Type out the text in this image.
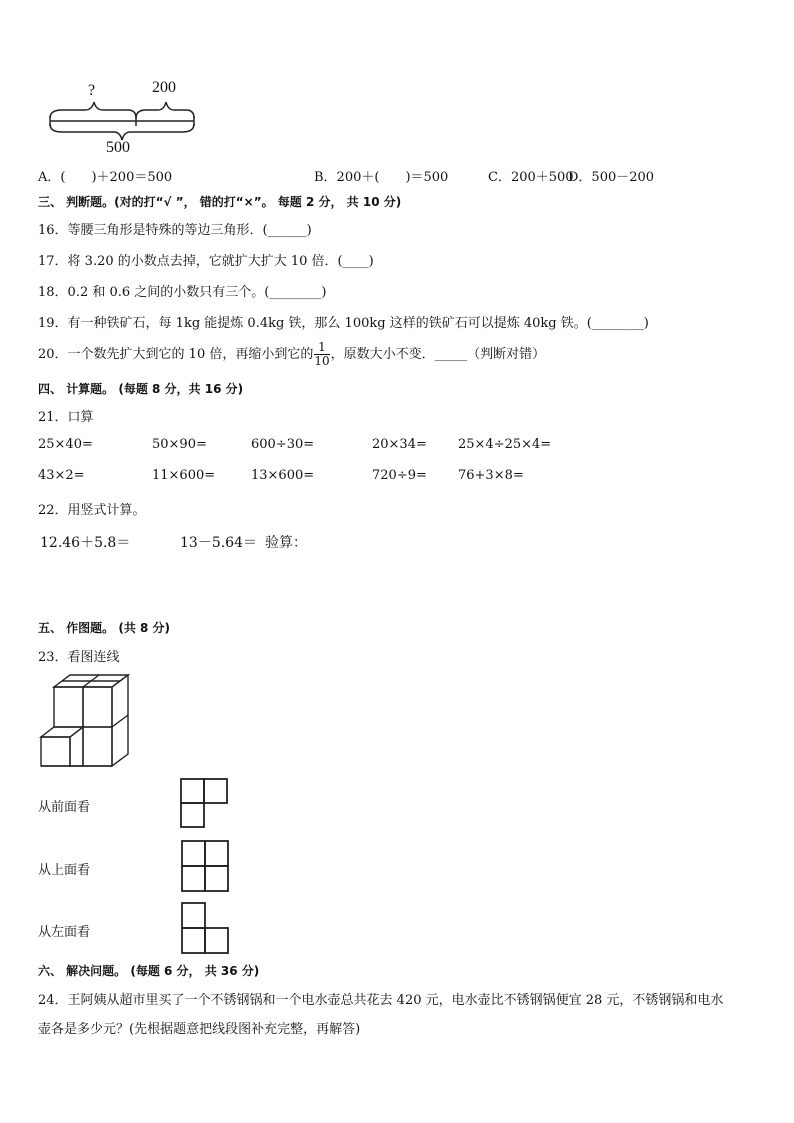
?	200
500
A．(　　)＋200＝500	B．200＋(　　)＝500	C．200＋500
D．500－200
三、 判断题。(对的打“√ ”， 错的打“×”。 每题 2 分， 共 10 分)
16．等腰三角形是特殊的等边三角形．(______)
17．将 3.20 的小数点去掉，它就扩大扩大 10 倍．(____)
18．0.2 和 0.6 之间的小数只有三个。(________)
19．有一种铁矿石，每 1kg 能提炼 0.4kg 铁，那么 100kg 这样的铁矿石可以提炼 40kg 铁。(________)
20．一个数先扩大到它的 10 倍，再缩小到它的 $\frac{1}{10}$ ，原数大小不变．_____（判断对错）
四、 计算题。 (每题 8 分，共 16 分)
21．口算
25×40=	50×90=	600÷30=	20×34= 25×4÷25×4=
43×2=	11×600=	13×600=	720÷9= 76+3×8=
22．用竖式计算。
12.46＋5.8＝	13－5.64＝ 验算：
五、 作图题。 (共 8 分)
23．看图连线
从前面看
从上面看
从左面看
六、 解决问题。 (每题 6 分， 共 36 分)
24．王阿姨从超市里买了一个不锈钢锅和一个电水壶总共花去 420 元，电水壶比不锈钢锅便宜 28 元，不锈钢锅和电水
壶各是多少元？(先根据题意把线段图补充完整，再解答)
